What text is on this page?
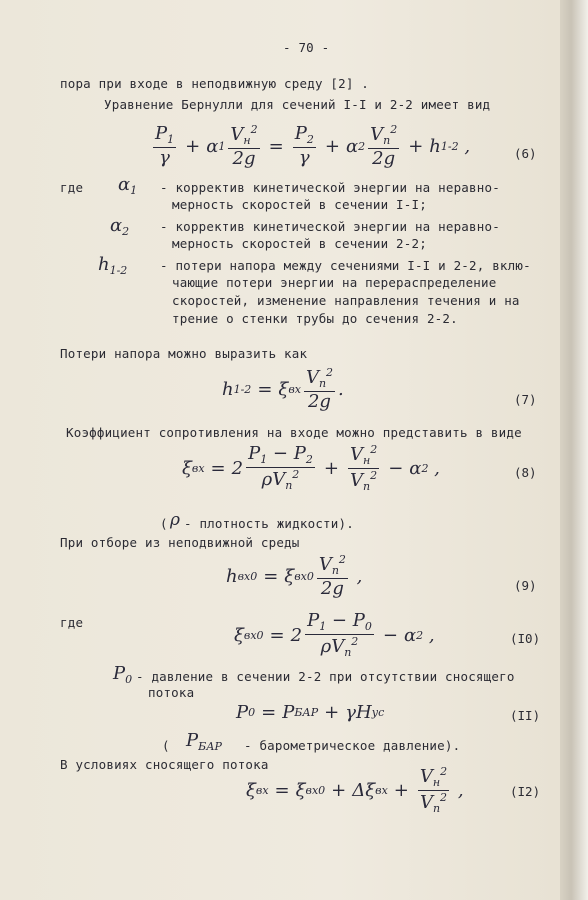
- 70 -
пора при входе в неподвижную среду [2] .
Уравнение Бернулли для сечений I-I и 2-2 имеет вид
$\frac{P_1}{\gamma} + \alpha$ $1 \frac{V_н^2}{2g} = \frac{P_2}{\gamma} + \alpha$ $2 \frac{V_п^2}{2g} + h$ 1-2 ,	(6)
где $\alpha_1$ - корректив кинетической энергии на неравно-
мерность скоростей в сечении I-I;
$\alpha_2$ - корректив кинетической энергии на неравно-
мерность скоростей в сечении 2-2;
$h_{1-2}$	- потери напора между сечениями I-I и 2-2, вклю-
чающие потери энергии на перераспределение
скоростей, изменение направления течения и на
трение о стенки трубы до сечения 2-2.
Потери напора можно выразить как
h 1-2 = ξ вх $\frac{V_п^2}{2g}$ .	(7)
Коэффициент сопротивления на входе можно представить в виде
ξ вх = $2 \frac{P_1 - P_2}{\rho V_п^2} + \frac{V_н^2}{V_п^2} - \alpha$ 2 ,	(8)
( ρ - плотность жидкости).
При отборе из неподвижной среды
h вх0 = ξ $вх0 \frac{V_п^2}{2g}$ ,	(9)
где
ξ $вх0 = 2 \frac{P_1 - P_0}{\rho V_п^2} - \alpha$ 2 ,	(I0)
$P_0$ - давление в сечении 2-2 при отсутствии сносящего
потока
P 0 = P БАР + γH ус	(II)
( $P_{БАР}$ - барометрическое давление).
В условиях сносящего потока
ξ вх = ξ вх0 + Δξ вх + $\frac{V_н^2}{V_п^2}$ ,	(I2)
